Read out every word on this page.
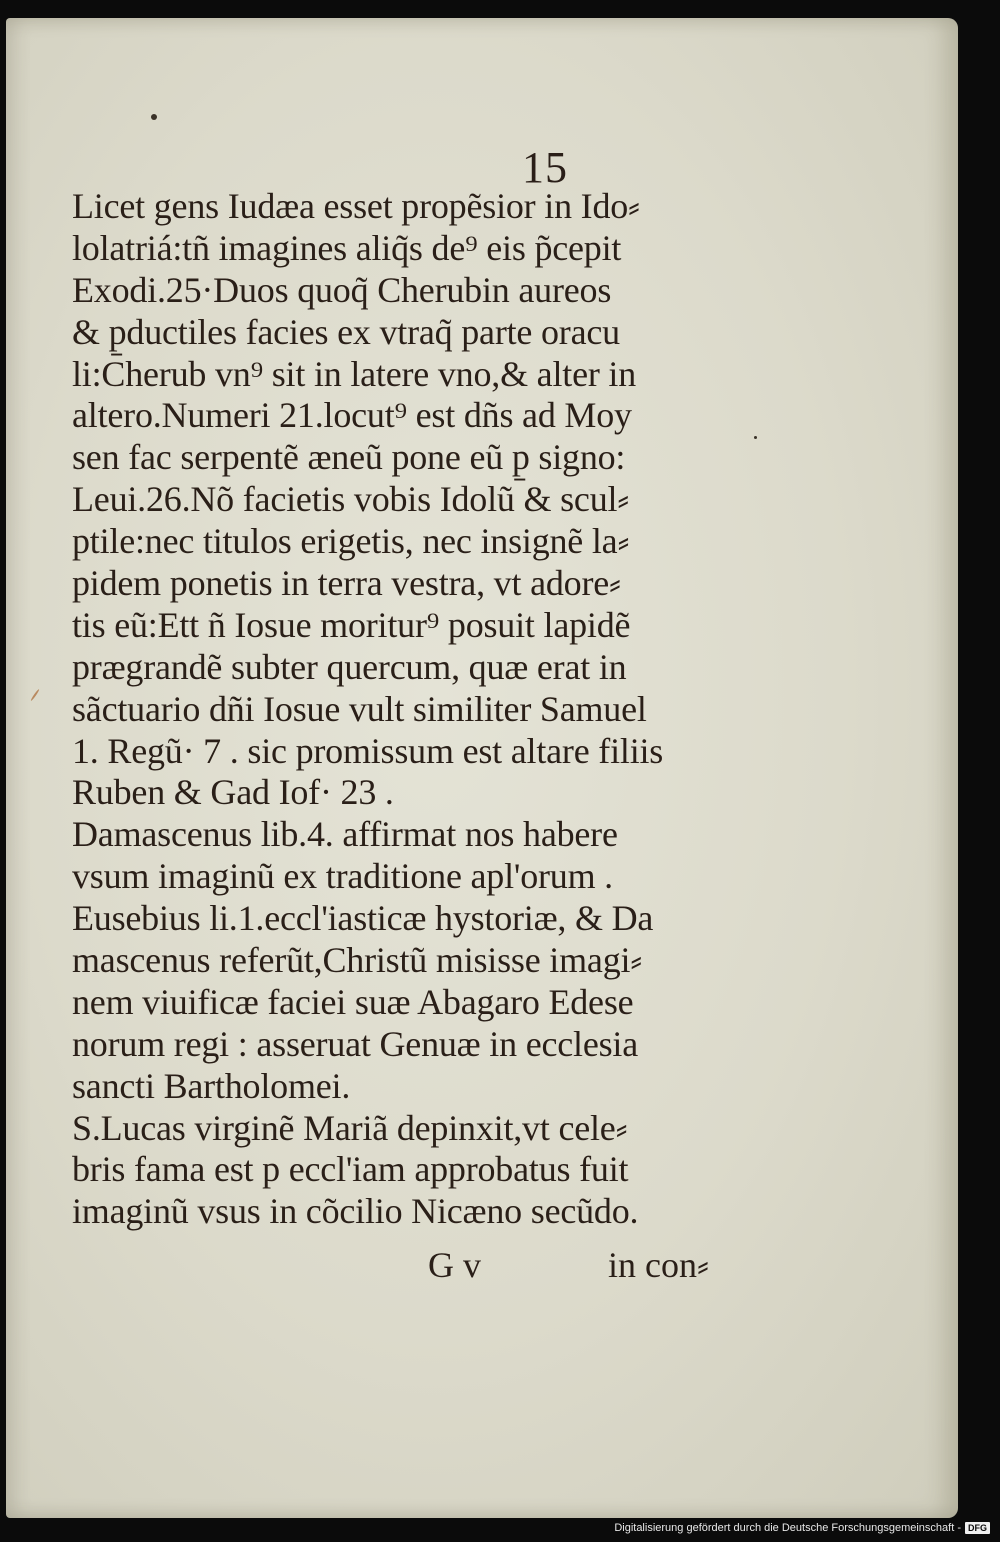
15
Licet gens Iudæa esset propẽsior in Ido⸗
lolatriá:tñ imagines aliq̃s de⁹ eis p̃cepit
Exodi.25·Duos quoq̃ Cherubin aureos
& p̱ductiles facies ex vtraq̃ parte oracu
li:Cherub vn⁹ sit in latere vno,& alter in
altero.Numeri 21.locut⁹ est dñs ad Moy
sen fac serpentẽ æneũ pone eũ p̱ signo:
Leui.26.Nõ facietis vobis Idolũ & scul⸗
ptile:nec titulos erigetis, nec insignẽ la⸗
pidem ponetis in terra vestra, vt adore⸗
tis eũ:Ett ñ Iosue moritur⁹ posuit lapidẽ
prægrandẽ subter quercum, quæ erat in
sãctuario dñi Iosue vult similiter Samuel
1. Regũ· 7 . sic promissum est altare filiis
Ruben & Gad Iof· 23 .
Damascenus lib.4. affirmat nos habere
vsum imaginũ ex traditione apl'orum .
Eusebius li.1.eccl'iasticæ hystoriæ, & Da
mascenus referũt,Christũ misisse imagi⸗
nem viuificæ faciei suæ Abagaro Edese
norum regi : asseruat Genuæ in ecclesia
sancti Bartholomei.
S.Lucas virginẽ Mariã depinxit,vt cele⸗
bris fama est p eccl'iam approbatus fuit
imaginũ vsus in cõcilio Nicæno secũdo.
G v	in con⸗
Digitalisierung gefördert durch die Deutsche Forschungsgemeinschaft - DFG
